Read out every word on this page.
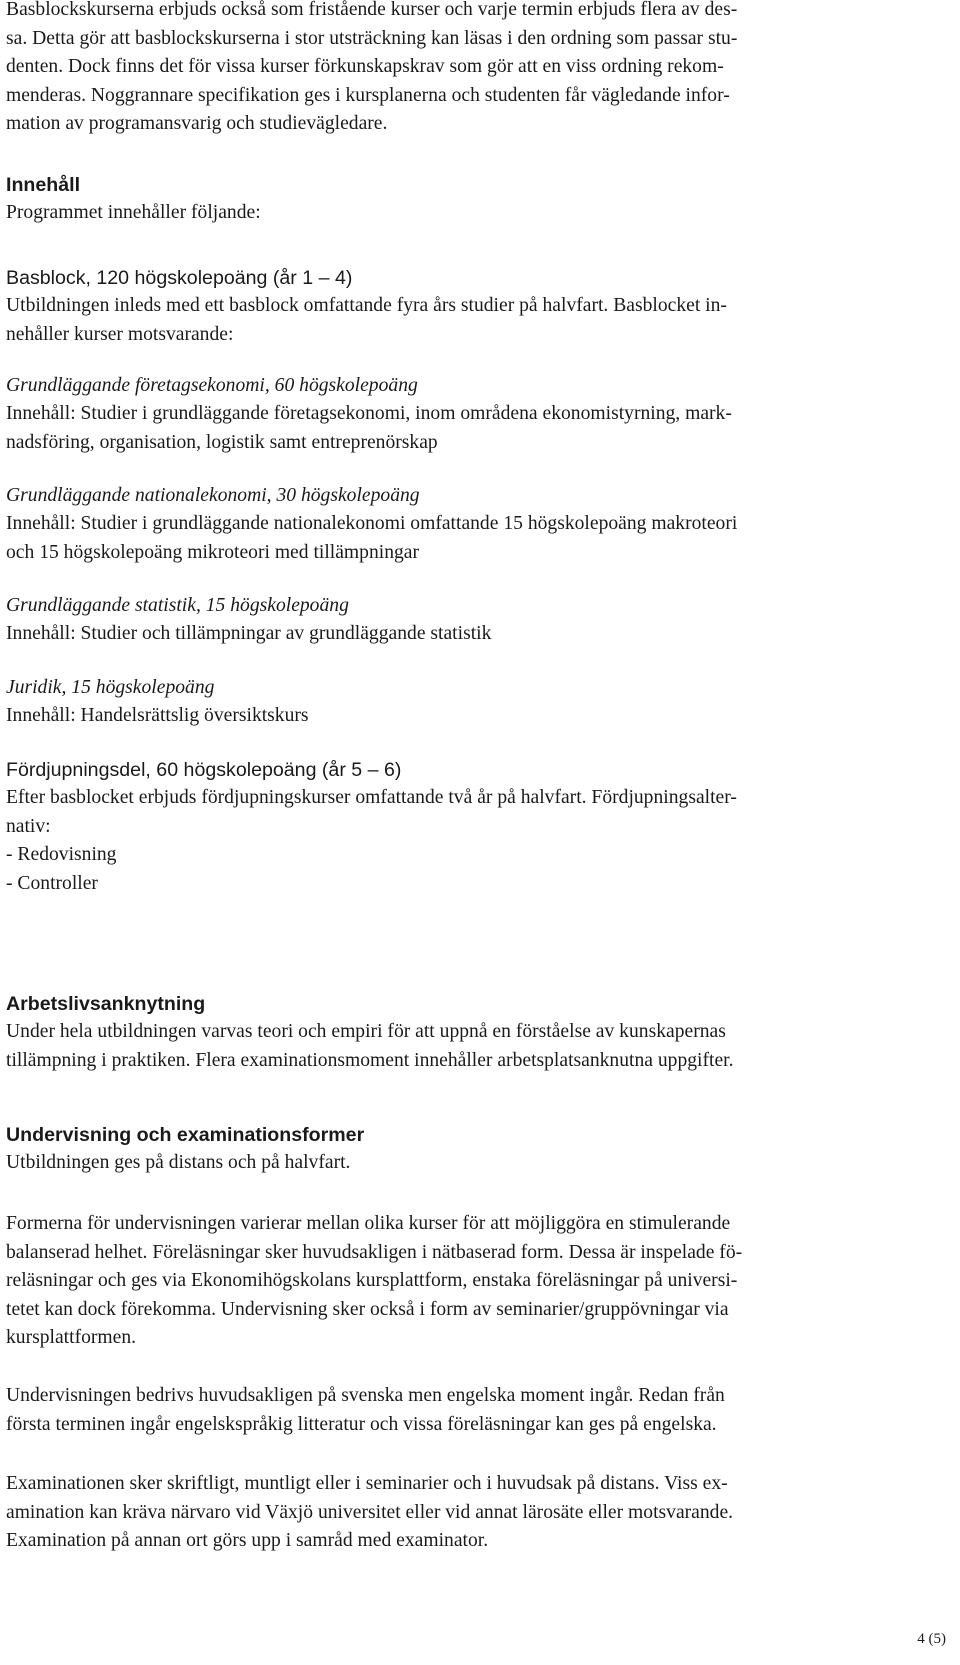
Basblockskurserna erbjuds också som fristående kurser och varje termin erbjuds flera av des-
sa. Detta gör att basblockskurserna i stor utsträckning kan läsas i den ordning som passar stu-
denten. Dock finns det för vissa kurser förkunskapskrav som gör att en viss ordning rekom-
menderas. Noggrannare specifikation ges i kursplanerna och studenten får vägledande infor-
mation av programansvarig och studievägledare.
Innehåll
Programmet innehåller följande:
Basblock, 120 högskolepoäng (år 1 – 4)
Utbildningen inleds med ett basblock omfattande fyra års studier på halvfart. Basblocket in-
nehåller kurser motsvarande:
Grundläggande företagsekonomi, 60 högskolepoäng
Innehåll: Studier i grundläggande företagsekonomi, inom områdena ekonomistyrning, mark-
nadsföring, organisation, logistik samt entreprenörskap
Grundläggande nationalekonomi, 30 högskolepoäng
Innehåll: Studier i grundläggande nationalekonomi omfattande 15 högskolepoäng makroteori
och 15 högskolepoäng mikroteori med tillämpningar
Grundläggande statistik, 15 högskolepoäng
Innehåll: Studier och tillämpningar av grundläggande statistik
Juridik, 15 högskolepoäng
Innehåll: Handelsrättslig översiktskurs
Fördjupningsdel, 60 högskolepoäng (år 5 – 6)
Efter basblocket erbjuds fördjupningskurser omfattande två år på halvfart. Fördjupningsalter-
nativ:
- Redovisning
- Controller
Arbetslivsanknytning
Under hela utbildningen varvas teori och empiri för att uppnå en förståelse av kunskapernas
tillämpning i praktiken. Flera examinationsmoment innehåller arbetsplatsanknutna uppgifter.
Undervisning och examinationsformer
Utbildningen ges på distans och på halvfart.
Formerna för undervisningen varierar mellan olika kurser för att möjliggöra en stimulerande
balanserad helhet. Föreläsningar sker huvudsakligen i nätbaserad form. Dessa är inspelade fö-
reläsningar och ges via Ekonomihögskolans kursplattform, enstaka föreläsningar på universi-
tetet kan dock förekomma. Undervisning sker också i form av seminarier/gruppövningar via
kursplattformen.
Undervisningen bedrivs huvudsakligen på svenska men engelska moment ingår. Redan från
första terminen ingår engelskspråkig litteratur och vissa föreläsningar kan ges på engelska.
Examinationen sker skriftligt, muntligt eller i seminarier och i huvudsak på distans. Viss ex-
amination kan kräva närvaro vid Växjö universitet eller vid annat lärosäte eller motsvarande.
Examination på annan ort görs upp i samråd med examinator.
4 (5)
